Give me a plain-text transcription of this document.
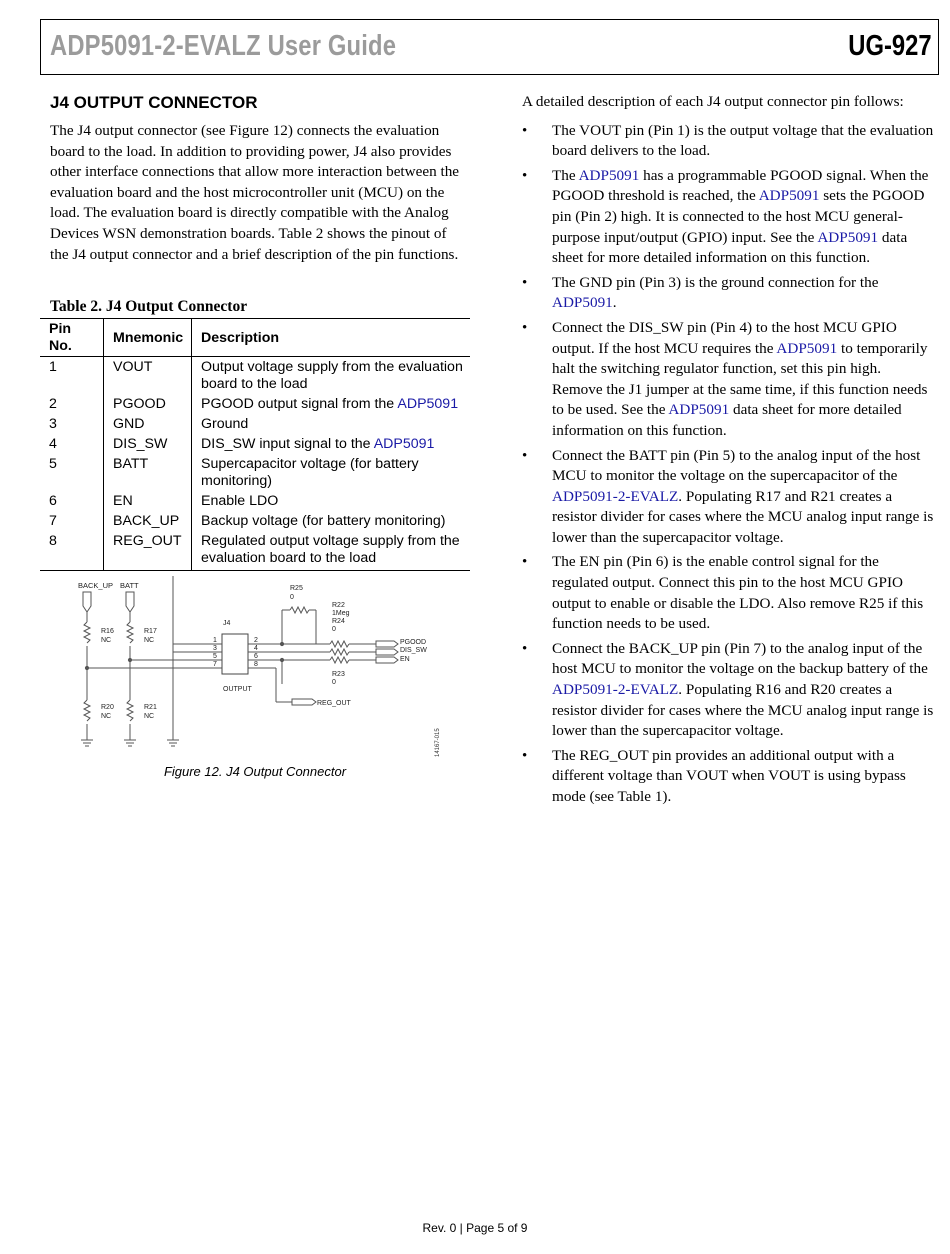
ADP5091-2-EVALZ User Guide	UG-927
J4 OUTPUT CONNECTOR

The J4 output connector (see Figure 12) connects the evaluation board to the load. In addition to providing power, J4 also provides other interface connections that allow more interaction between the evaluation board and the host microcontroller unit (MCU) on the load. The evaluation board is directly compatible with the Analog Devices WSN demonstration boards. Table 2 shows the pinout of the J4 output connector and a brief description of the pin functions.

Table 2. J4 Output Connector
Pin No.	Mnemonic	Description
1	VOUT	Output voltage supply from the evaluation board to the load
2	PGOOD	PGOOD output signal from the ADP5091
3	GND	Ground
4	DIS_SW	DIS_SW input signal to the ADP5091
5	BATT	Supercapacitor voltage (for battery monitoring)
6	EN	Enable LDO
7	BACK_UP	Backup voltage (for battery monitoring)
8	REG_OUT	Regulated output voltage supply from the evaluation board to the load
BACK_UP BATT
R16
NC
R17
NC
R20
NC
R21
NC
J4
1
3
5
7
2
4
6
8
OUTPUT
R25
0
R22
1Meg
R24
0
R23
0
PGOOD
DIS_SW
EN
REG_OUT
14167-015
Figure 12. J4 Output Connector

A detailed description of each J4 output connector pin follows:

• The VOUT pin (Pin 1) is the output voltage that the evaluation board delivers to the load.
• The ADP5091 has a programmable PGOOD signal. When the PGOOD threshold is reached, the ADP5091 sets the PGOOD pin (Pin 2) high. It is connected to the host MCU general-purpose input/output (GPIO) input. See the ADP5091 data sheet for more detailed information on this function.
• The GND pin (Pin 3) is the ground connection for the ADP5091.
• Connect the DIS_SW pin (Pin 4) to the host MCU GPIO output. If the host MCU requires the ADP5091 to temporarily halt the switching regulator function, set this pin high. Remove the J1 jumper at the same time, if this function needs to be used. See the ADP5091 data sheet for more detailed information on this function.
• Connect the BATT pin (Pin 5) to the analog input of the host MCU to monitor the voltage on the supercapacitor of the ADP5091-2-EVALZ. Populating R17 and R21 creates a resistor divider for cases where the MCU analog input range is lower than the supercapacitor voltage.
• The EN pin (Pin 6) is the enable control signal for the regulated output. Connect this pin to the host MCU GPIO output to enable or disable the LDO. Also remove R25 if this function needs to be used.
• Connect the BACK_UP pin (Pin 7) to the analog input of the host MCU to monitor the voltage on the backup battery of the ADP5091-2-EVALZ. Populating R16 and R20 creates a resistor divider for cases where the MCU analog input range is lower than the supercapacitor voltage.
• The REG_OUT pin provides an additional output with a different voltage than VOUT when VOUT is using bypass mode (see Table 1).
Rev. 0 | Page 5 of 9
